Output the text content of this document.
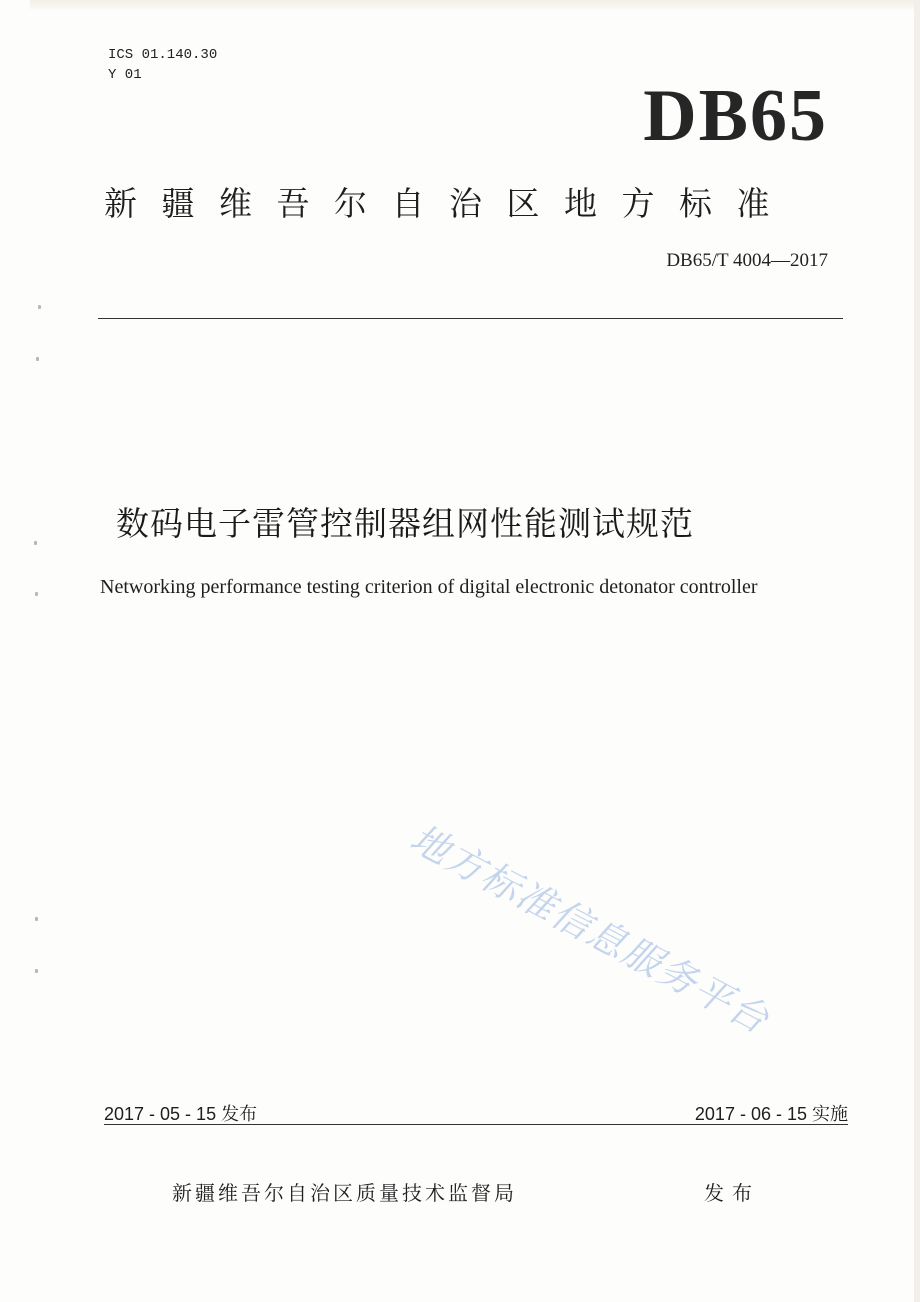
ICS 01.140.30
Y 01	DB65
新疆维吾尔自治区地方标准
DB65/T 4004—2017
数码电子雷管控制器组网性能测试规范
Networking performance testing criterion of digital electronic detonator controller
地方标准信息服务平台
2017 - 05 - 15 发布	2017 - 06 - 15 实施
新疆维吾尔自治区质量技术监督局	发布
